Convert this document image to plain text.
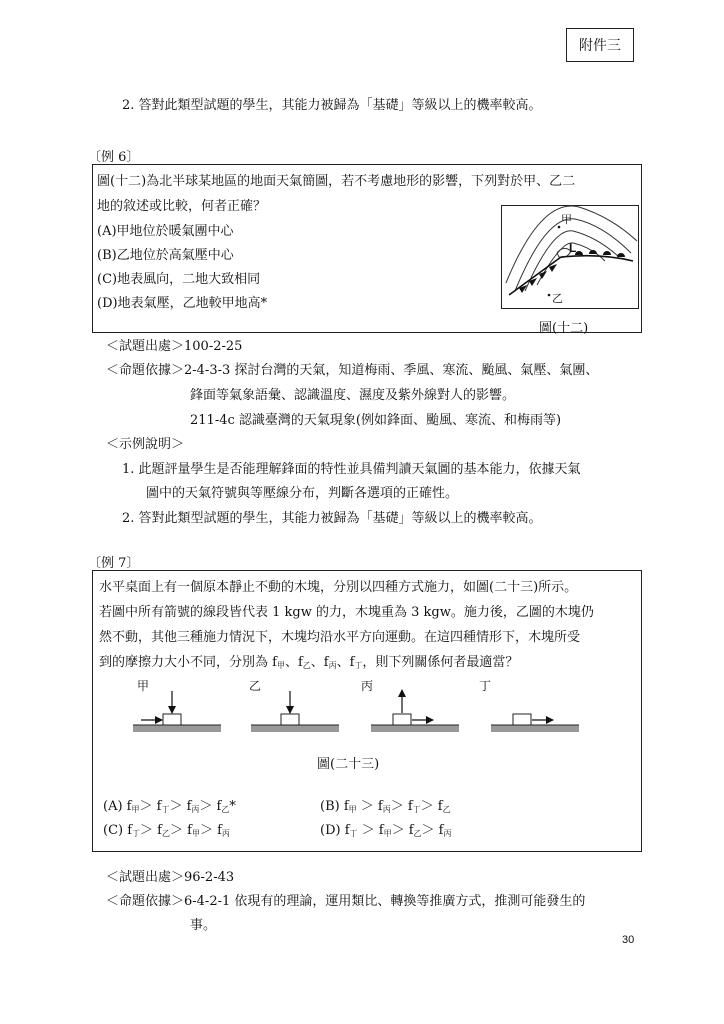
附件三
2. 答對此類型試題的學生，其能力被歸為「基礎」等級以上的機率較高。
〔例 6〕
圖(十二)為北半球某地區的地面天氣簡圖，若不考慮地形的影響，下列對於甲、乙二
地的敘述或比較，何者正確？
(A)甲地位於暖氣團中心
(B)乙地位於高氣壓中心
(C)地表風向，二地大致相同
(D)地表氣壓，乙地較甲地高*
L
甲
乙
圖(十二)
＜試題出處＞100-2-25
＜命題依據＞2-4-3-3 探討台灣的天氣，知道梅雨、季風、寒流、颱風、氣壓、氣團、
鋒面等氣象語彙、認識溫度、濕度及紫外線對人的影響。
211-4c 認識臺灣的天氣現象(例如鋒面、颱風、寒流、和梅雨等)
＜示例說明＞
1. 此題評量學生是否能理解鋒面的特性並具備判讀天氣圖的基本能力，依據天氣
圖中的天氣符號與等壓線分布，判斷各選項的正確性。
2. 答對此類型試題的學生，其能力被歸為「基礎」等級以上的機率較高。
〔例 7〕
水平桌面上有一個原本靜止不動的木塊，分別以四種方式施力，如圖(二十三)所示。
若圖中所有箭號的線段皆代表 1 kgw 的力，木塊重為 3 kgw。施力後，乙圖的木塊仍
然不動，其他三種施力情況下，木塊均沿水平方向運動。在這四種情形下，木塊所受
到的摩擦力大小不同，分別為 $f_甲$、$f_乙$、$f_丙$、$f_丁$，則下列關係何者最適當？
甲	乙	丙	丁
圖(二十三)
(A) $f_甲> f_丁> f_丙> f_乙*$	(B) $f_甲 > f_丙> f_丁> f_乙$
(C) $f_丁> f_乙> f_甲> f_丙$	(D) $f_丁 > f_甲> f_乙> f_丙$
＜試題出處＞96-2-43
＜命題依據＞6-4-2-1 依現有的理論，運用類比、轉換等推廣方式，推測可能發生的
事。
30
